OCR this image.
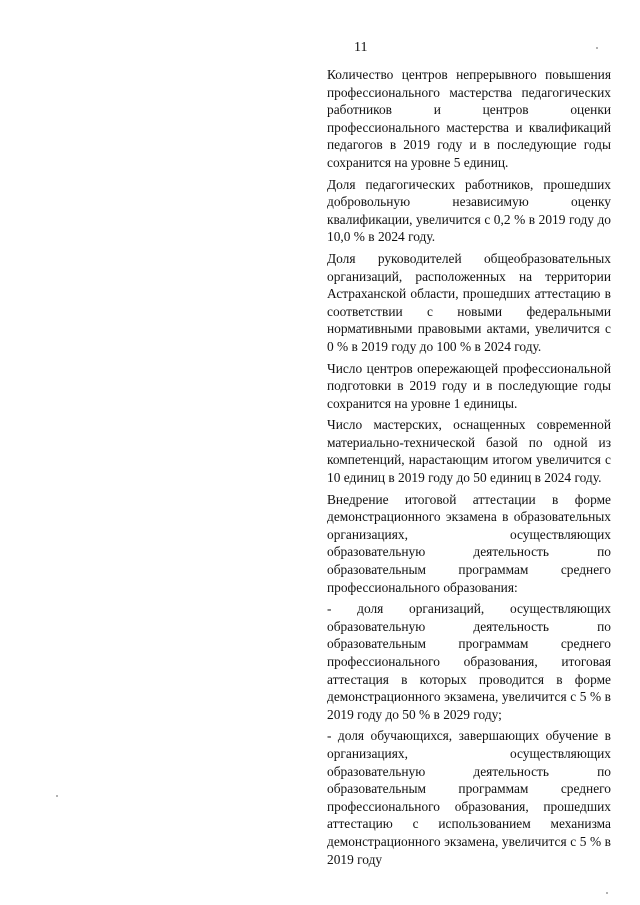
11

Количество центров непрерывного повышения профессионального мастерства педагогических работников и центров оценки профессионального мастерства и квалификаций педагогов в 2019 году и в последующие годы сохранится на уровне 5 единиц.

Доля педагогических работников, прошедших добровольную независимую оценку квалификации, увеличится с 0,2 % в 2019 году до 10,0 % в 2024 году.

Доля руководителей общеобразовательных организаций, расположенных на территории Астраханской области, прошедших аттестацию в соответствии с новыми федеральными нормативными правовыми актами, увеличится с 0 % в 2019 году до 100 % в 2024 году.

Число центров опережающей профессиональной подготовки в 2019 году и в последующие годы сохранится на уровне 1 единицы.

Число мастерских, оснащенных современной материально-технической базой по одной из компетенций, нарастающим итогом увеличится с 10 единиц в 2019 году до 50 единиц в 2024 году.

Внедрение итоговой аттестации в форме демонстрационного экзамена в образовательных организациях, осуществляющих образовательную деятельность по образовательным программам среднего профессионального образования:

- доля организаций, осуществляющих образовательную деятельность по образовательным программам среднего профессионального образования, итоговая аттестация в которых проводится в форме демонстрационного экзамена, увеличится с 5 % в 2019 году до 50 % в 2029 году;

- доля обучающихся, завершающих обучение в организациях, осуществляющих образовательную деятельность по образовательным программам среднего профессионального образования, прошедших аттестацию с использованием механизма демонстрационного экзамена, увеличится с 5 % в 2019 году
